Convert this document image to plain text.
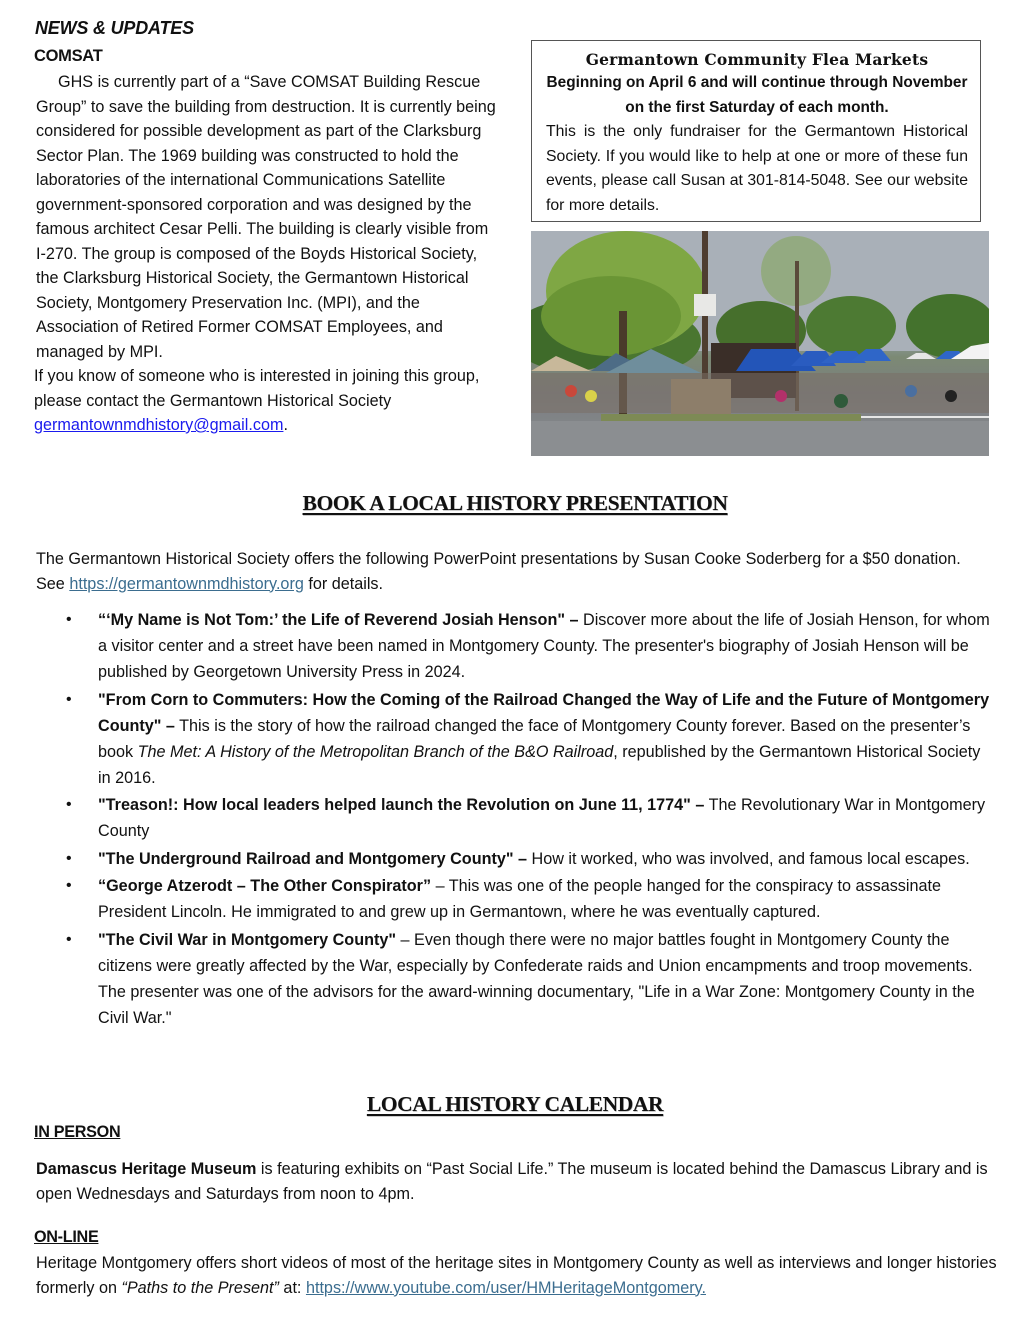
NEWS & UPDATES
COMSAT

GHS is currently part of a “Save COMSAT Building Rescue Group” to save the building from destruction. It is currently being considered for possible development as part of the Clarksburg Sector Plan. The 1969 building was constructed to hold the laboratories of the international Communications Satellite government-sponsored corporation and was designed by the famous architect Cesar Pelli. The building is clearly visible from I-270. The group is composed of the Boyds Historical Society, the Clarksburg Historical Society, the Germantown Historical Society, Montgomery Preservation Inc. (MPI), and the Association of Retired Former COMSAT Employees, and managed by MPI.

If you know of someone who is interested in joining this group, please contact the Germantown Historical Society
germantownmdhistory@gmail.com.

Germantown Community Flea Markets
Beginning on April 6 and will continue through November on the first Saturday of each month.
This is the only fundraiser for the Germantown Historical Society. If you would like to help at one or more of these fun events, please call Susan at 301-814-5048. See our website for more details.
BOOK A LOCAL HISTORY PRESENTATION
The Germantown Historical Society offers the following PowerPoint presentations by Susan Cooke Soderberg for a $50 donation. See https://germantownmdhistory.org for details.
• “‘My Name is Not Tom:’ the Life of Reverend Josiah Henson" – Discover more about the life of Josiah Henson, for whom a visitor center and a street have been named in Montgomery County. The presenter's biography of Josiah Henson will be published by Georgetown University Press in 2024.
• "From Corn to Commuters: How the Coming of the Railroad Changed the Way of Life and the Future of Montgomery County" – This is the story of how the railroad changed the face of Montgomery County forever. Based on the presenter’s book The Met: A History of the Metropolitan Branch of the B&O Railroad, republished by the Germantown Historical Society in 2016.
• "Treason!: How local leaders helped launch the Revolution on June 11, 1774" – The Revolutionary War in Montgomery County
• "The Underground Railroad and Montgomery County" – How it worked, who was involved, and famous local escapes.
• “George Atzerodt – The Other Conspirator” – This was one of the people hanged for the conspiracy to assassinate President Lincoln. He immigrated to and grew up in Germantown, where he was eventually captured.
• "The Civil War in Montgomery County" – Even though there were no major battles fought in Montgomery County the citizens were greatly affected by the War, especially by Confederate raids and Union encampments and troop movements. The presenter was one of the advisors for the award-winning documentary, "Life in a War Zone: Montgomery County in the Civil War."
LOCAL HISTORY CALENDAR
IN PERSON
Damascus Heritage Museum is featuring exhibits on “Past Social Life.” The museum is located behind the Damascus Library and is open Wednesdays and Saturdays from noon to 4pm.
ON-LINE
Heritage Montgomery offers short videos of most of the heritage sites in Montgomery County as well as interviews and longer histories formerly on “Paths to the Present” at: https://www.youtube.com/user/HMHeritageMontgomery.
